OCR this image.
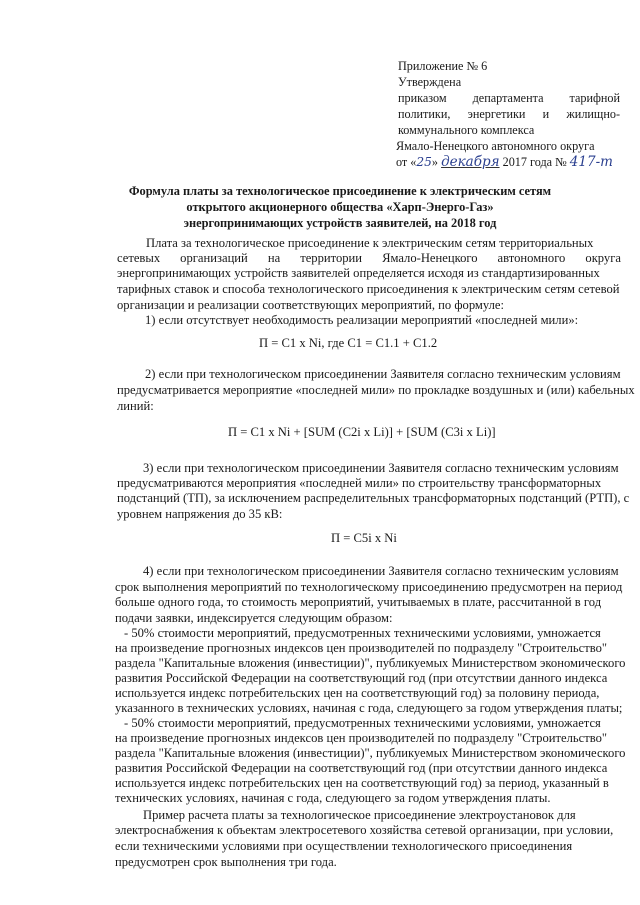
Приложение № 6
Утверждена
приказом департамента тарифной
политики, энергетики и жилищно-
коммунального комплекса
Ямало-Ненецкого автономного округа
от «25» декабря 2017 года № 417-т
Формула платы за технологическое присоединение к электрическим сетям
открытого акционерного общества «Харп-Энерго-Газ»
энергопринимающих устройств заявителей, на 2018 год
Плата за технологическое присоединение к электрическим сетям территориальных
сетевых организаций на территории Ямало-Ненецкого автономного округа
энергопринимающих устройств заявителей определяется исходя из стандартизированных
тарифных ставок и способа технологического присоединения к электрическим сетям сетевой
организации и реализации соответствующих мероприятий, по формуле:
1) если отсутствует необходимость реализации мероприятий «последней мили»:
П = С1 х Ni, где С1 = С1.1 + С1.2
2) если при технологическом присоединении Заявителя согласно техническим условиям
предусматривается мероприятие «последней мили» по прокладке воздушных и (или) кабельных
линий:
П = С1 х Ni + [SUM (C2i x Li)] + [SUM (C3i x Li)]
3) если при технологическом присоединении Заявителя согласно техническим условиям
предусматриваются мероприятия «последней мили» по строительству трансформаторных
подстанций (ТП), за исключением распределительных трансформаторных подстанций (РТП), с
уровнем напряжения до 35 кВ:
П = С5i x Ni
4) если при технологическом присоединении Заявителя согласно техническим условиям
срок выполнения мероприятий по технологическому присоединению предусмотрен на период
больше одного года, то стоимость мероприятий, учитываемых в плате, рассчитанной в год
подачи заявки, индексируется следующим образом:
- 50% стоимости мероприятий, предусмотренных техническими условиями, умножается
на произведение прогнозных индексов цен производителей по подразделу "Строительство"
раздела "Капитальные вложения (инвестиции)", публикуемых Министерством экономического
развития Российской Федерации на соответствующий год (при отсутствии данного индекса
используется индекс потребительских цен на соответствующий год) за половину периода,
указанного в технических условиях, начиная с года, следующего за годом утверждения платы;
- 50% стоимости мероприятий, предусмотренных техническими условиями, умножается
на произведение прогнозных индексов цен производителей по подразделу "Строительство"
раздела "Капитальные вложения (инвестиции)", публикуемых Министерством экономического
развития Российской Федерации на соответствующий год (при отсутствии данного индекса
используется индекс потребительских цен на соответствующий год) за период, указанный в
технических условиях, начиная с года, следующего за годом утверждения платы.
Пример расчета платы за технологическое присоединение электроустановок для
электроснабжения к объектам электросетевого хозяйства сетевой организации, при условии,
если техническими условиями при осуществлении технологического присоединения
предусмотрен срок выполнения три года.
